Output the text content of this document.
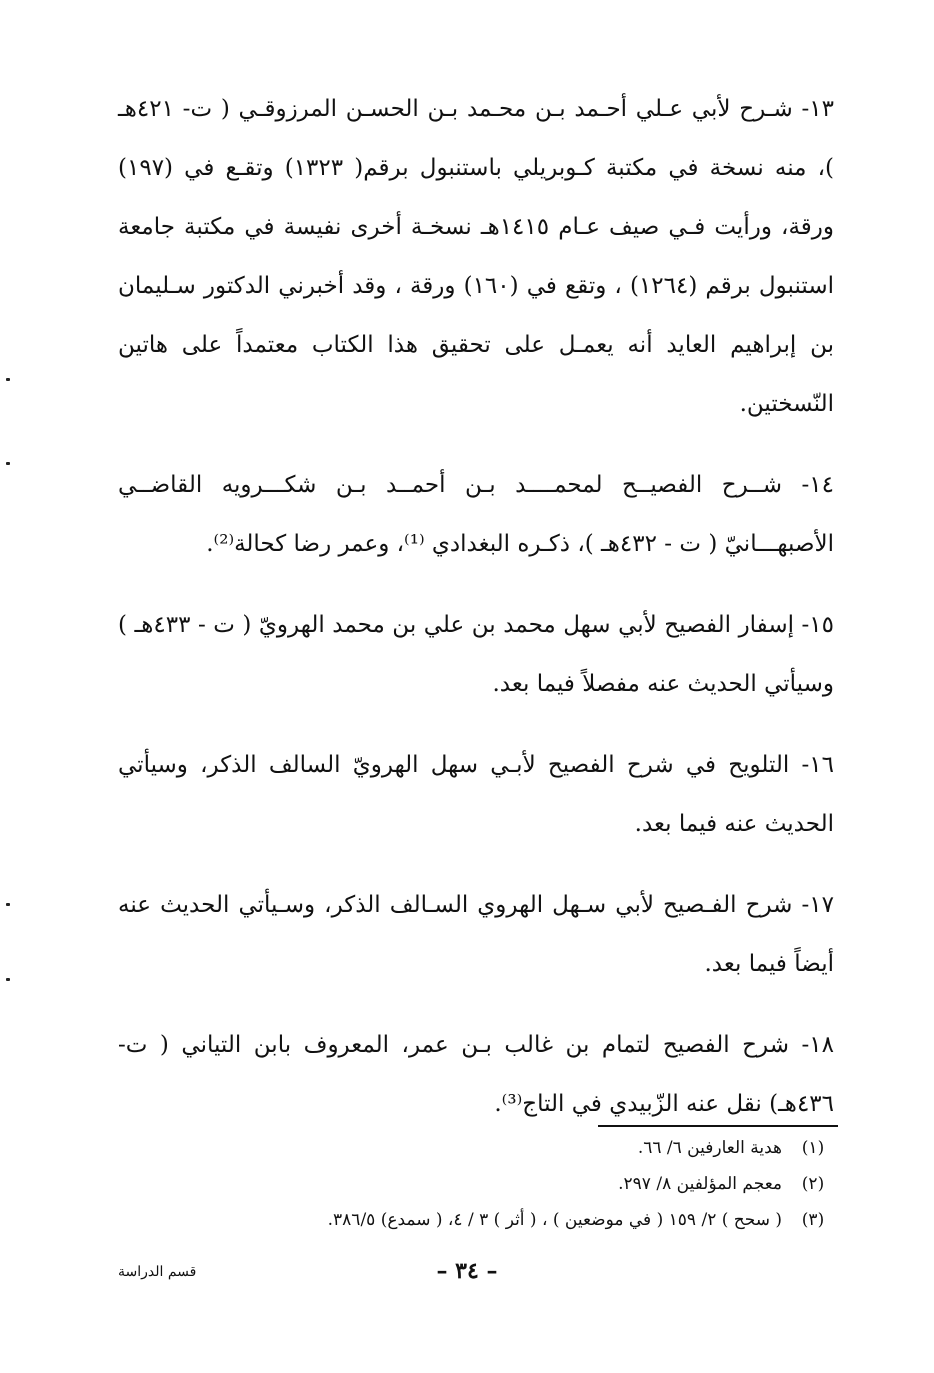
١٣- شـرح لأبي عـلي أحـمد بـن محـمد بـن الحسـن المرزوقـي ( ت- ٤٢١هـ )، منه نسخة في مكتبة كـوبريلي باستنبول برقم( ١٣٢٣) وتقـع في (١٩٧) ورقة، ورأيت فـي صيف عـام ١٤١٥هـ نسخـة أخرى نفيسة في مكتبة جامعة استنبول برقم (١٢٦٤) ، وتقع في (١٦٠) ورقة ، وقد أخبرني الدكتور سـليمان بن إبراهيم العايد أنه يعمـل على تحقيق هذا الكتاب معتمداً على هاتين النّسختين.

١٤- شــرح الفصيــح لمحمــــد بـن أحمــد بـن شكـــرويه القاضــي الأصبهـــانيّ ( ت - ٤٣٢هـ )، ذكـره البغدادي ⁽¹⁾، وعمر رضا كحالة⁽²⁾.

١٥- إسفار الفصيح لأبي سهل محمد بن علي بن محمد الهرويّ ( ت - ٤٣٣هـ ) وسيأتي الحديث عنه مفصلاً فيما بعد.

١٦- التلويح في شرح الفصيح لأبـي سهل الهرويّ السالف الذكر، وسيأتي الحديث عنه فيما بعد.

١٧- شرح الفـصيح لأبي سـهل الهروي السـالف الذكر، وسـيأتي الحديث عنه أيضاً فيما بعد.

١٨- شرح الفصيح لتمام بن غالب بـن عمر، المعروف بابن التياني ( ت- ٤٣٦هـ) نقل عنه الزّبيدي في التاج⁽³⁾.

(١)
هدية العارفين ٦/ ٦٦.
(٢)
معجم المؤلفين ٨/ ٢٩٧.
(٣)
( سحح ) ٢/ ١٥٩ ( في موضعين ) ، ( أثر ) ٣ / ٤، ( سمدع) ٣٨٦/٥.
– ٣٤ –
قسم الدراسة
